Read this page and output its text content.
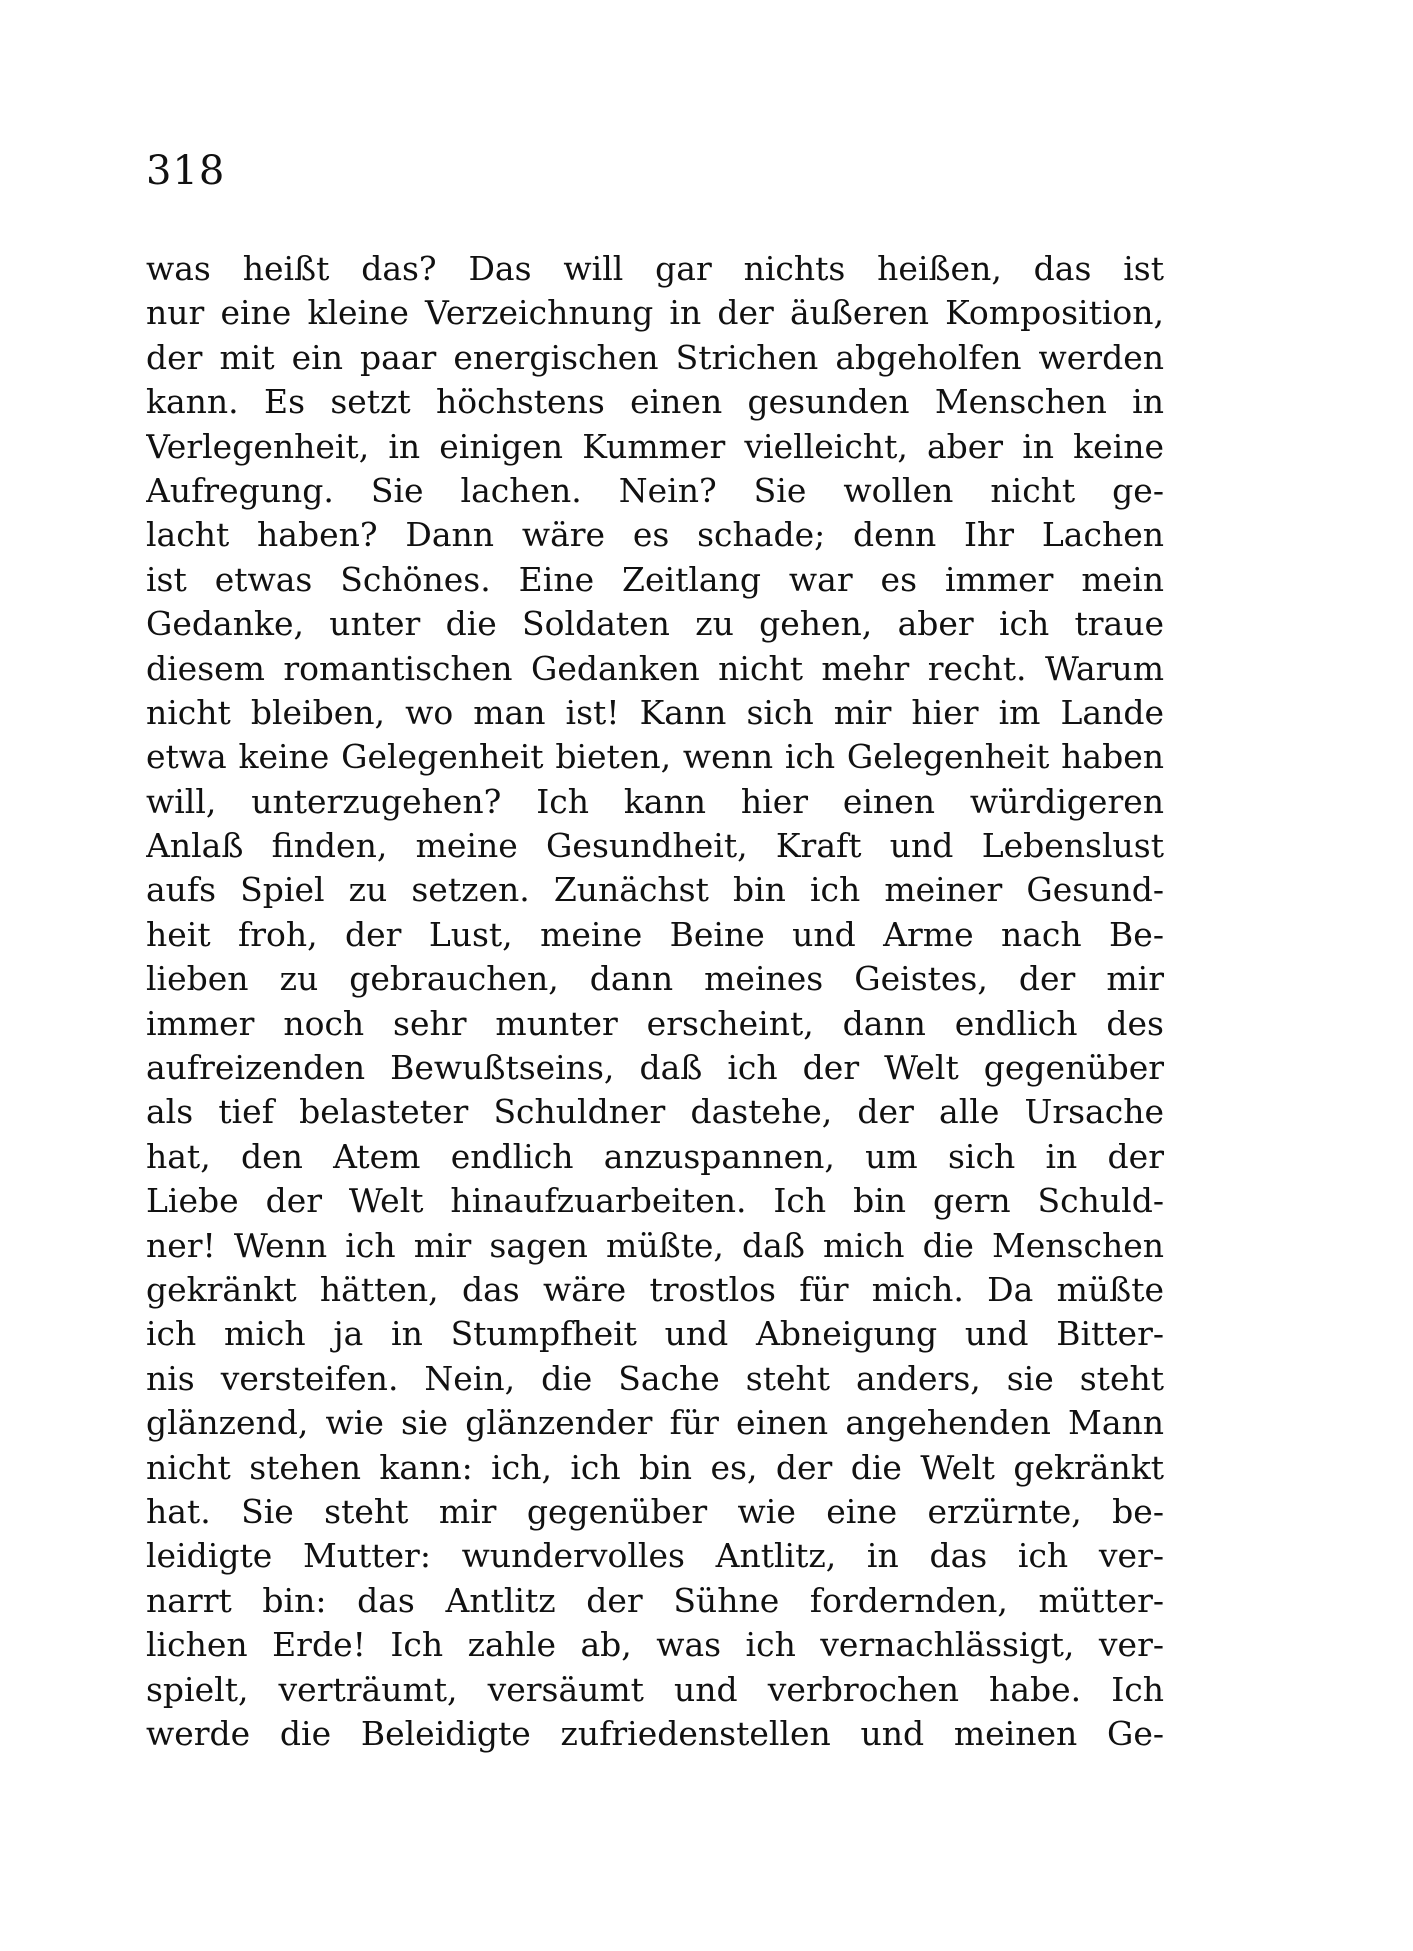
318
was heißt das? Das will gar nichts heißen, das ist
nur eine kleine Verzeichnung in der äußeren Komposition,
der mit ein paar energischen Strichen abgeholfen werden
kann. Es setzt höchstens einen gesunden Menschen in
Verlegenheit, in einigen Kummer vielleicht, aber in keine
Aufregung. Sie lachen. Nein? Sie wollen nicht ge-
lacht haben? Dann wäre es schade; denn Ihr Lachen
ist etwas Schönes. Eine Zeitlang war es immer mein
Gedanke, unter die Soldaten zu gehen, aber ich traue
diesem romantischen Gedanken nicht mehr recht. Warum
nicht bleiben, wo man ist! Kann sich mir hier im Lande
etwa keine Gelegenheit bieten, wenn ich Gelegenheit haben
will, unterzugehen? Ich kann hier einen würdigeren
Anlaß finden, meine Gesundheit, Kraft und Lebenslust
aufs Spiel zu setzen. Zunächst bin ich meiner Gesund-
heit froh, der Lust, meine Beine und Arme nach Be-
lieben zu gebrauchen, dann meines Geistes, der mir
immer noch sehr munter erscheint, dann endlich des
aufreizenden Bewußtseins, daß ich der Welt gegenüber
als tief belasteter Schuldner dastehe, der alle Ursache
hat, den Atem endlich anzuspannen, um sich in der
Liebe der Welt hinaufzuarbeiten. Ich bin gern Schuld-
ner! Wenn ich mir sagen müßte, daß mich die Menschen
gekränkt hätten, das wäre trostlos für mich. Da müßte
ich mich ja in Stumpfheit und Abneigung und Bitter-
nis versteifen. Nein, die Sache steht anders, sie steht
glänzend, wie sie glänzender für einen angehenden Mann
nicht stehen kann: ich, ich bin es, der die Welt gekränkt
hat. Sie steht mir gegenüber wie eine erzürnte, be-
leidigte Mutter: wundervolles Antlitz, in das ich ver-
narrt bin: das Antlitz der Sühne fordernden, mütter-
lichen Erde! Ich zahle ab, was ich vernachlässigt, ver-
spielt, verträumt, versäumt und verbrochen habe. Ich
werde die Beleidigte zufriedenstellen und meinen Ge-
